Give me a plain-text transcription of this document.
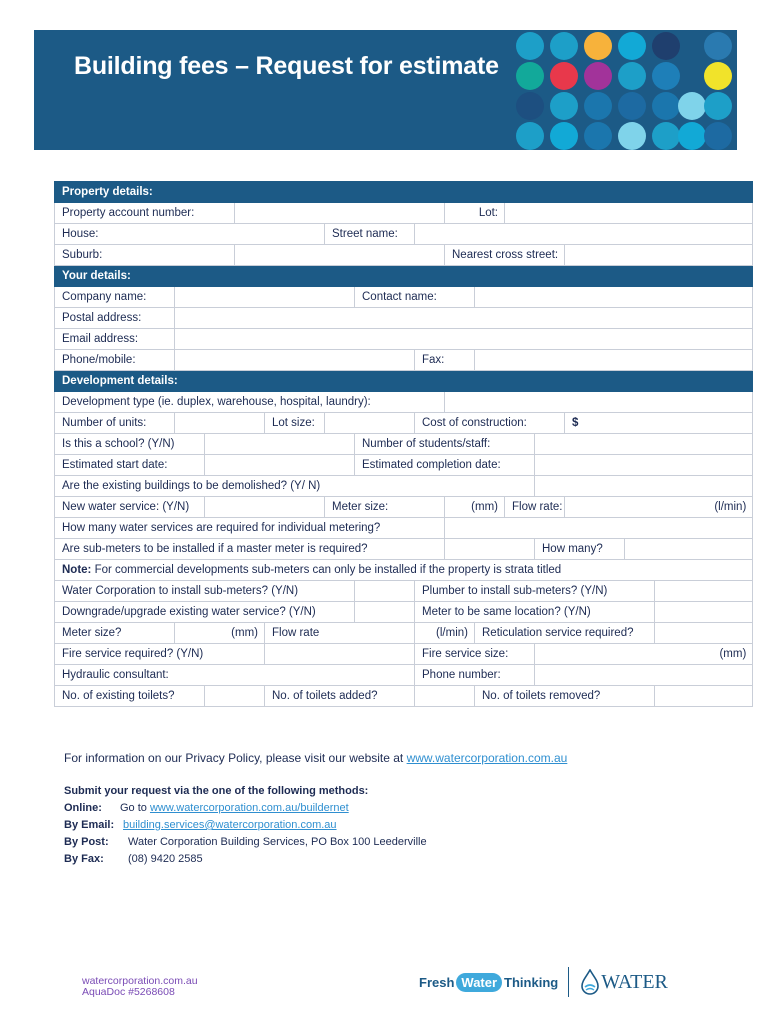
Building fees – Request for estimate
Property details:														
Property account number:								Lot:						

House:					Street name:									

Suburb:								Nearest cross street:						

Your details:														
Company name:						Contact name:								

Postal address:														

Email address:														

Phone/mobile:							Fax:							

Development details:														
Development type (ie. duplex, warehouse, hospital, laundry):														

Number of units:				Lot size:			Cost of construction:					$		
Is this a school? (Y/N)						Number of students/staff:								

Estimated start date:						Estimated completion date:								

Are the existing buildings to be demolished? (Y/ N)														

New water service: (Y/N)					Meter size:			(mm)		Flow rate:		(l/min)		
How many water services are required for individual metering?														

Are sub-meters to be installed if a master meter is required?											How many?			

Note: For commercial developments sub-meters can only be installed if the property is strata titled														
Water Corporation to install sub-meters? (Y/N)							Plumber to install sub-meters? (Y/N)							

Downgrade/upgrade existing water service? (Y/N)							Meter to be same location? (Y/N)							

Meter size?	(mm)			Flow rate			(l/min)		Reticulation service required?					

Fire service required? (Y/N)							Fire service size:				(mm)			
Hydraulic consultant:							Phone number:							

No. of existing toilets?				No. of toilets added?					No. of toilets removed?					
For information on our Privacy Policy, please visit our website at www.watercorporation.com.au
Submit your request via the one of the following methods:
Online: Go to www.watercorporation.com.au/buildernet
By Email: building.services@watercorporation.com.au
By Post: Water Corporation Building Services, PO Box 100 Leederville
By Fax: (08) 9420 2585
watercorporation.com.au
AquaDoc #5268608
Fresh Water Thinking WATER
